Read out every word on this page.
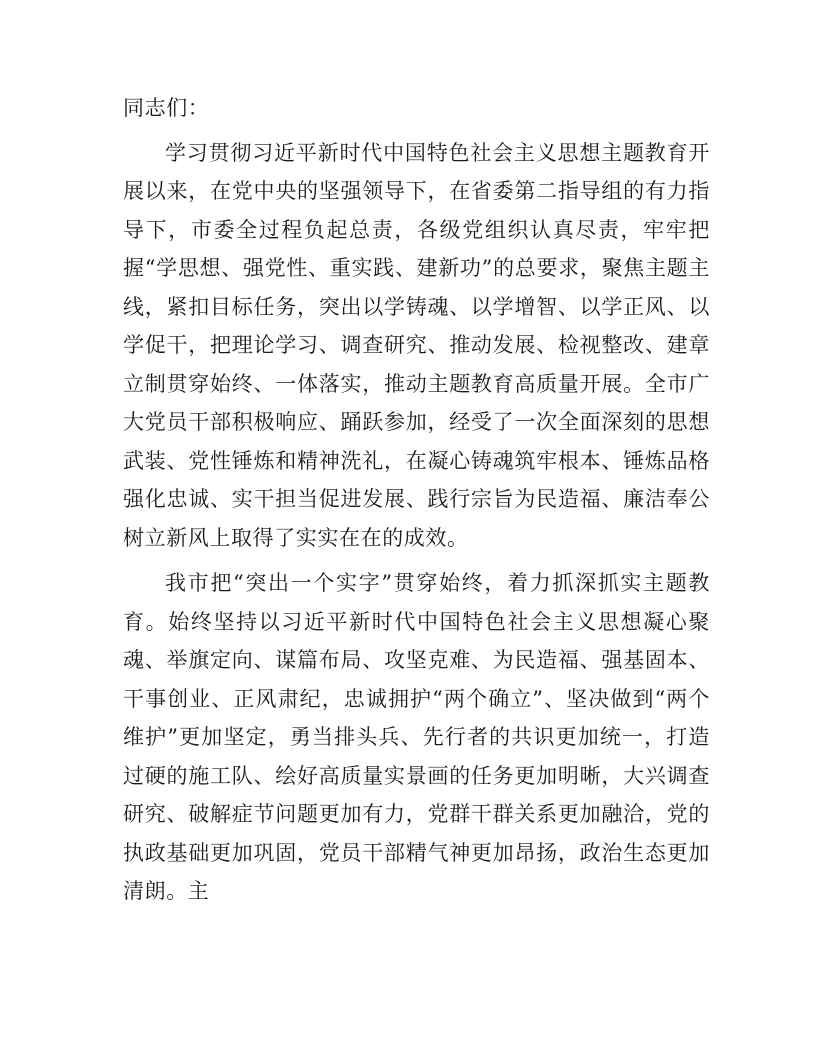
同志们：

学习贯彻习近平新时代中国特色社会主义思想主题教育开展以来，在党中央的坚强领导下，在省委第二指导组的有力指导下，市委全过程负起总责，各级党组织认真尽责，牢牢把握“学思想、强党性、重实践、建新功”的总要求，聚焦主题主线，紧扣目标任务，突出以学铸魂、以学增智、以学正风、以学促干，把理论学习、调查研究、推动发展、检视整改、建章立制贯穿始终、一体落实，推动主题教育高质量开展。全市广大党员干部积极响应、踊跃参加，经受了一次全面深刻的思想武装、党性锤炼和精神洗礼，在凝心铸魂筑牢根本、锤炼品格强化忠诚、实干担当促进发展、践行宗旨为民造福、廉洁奉公树立新风上取得了实实在在的成效。

我市把“突出一个实字”贯穿始终，着力抓深抓实主题教育。始终坚持以习近平新时代中国特色社会主义思想凝心聚魂、举旗定向、谋篇布局、攻坚克难、为民造福、强基固本、干事创业、正风肃纪，忠诚拥护“两个确立”、坚决做到“两个维护”更加坚定，勇当排头兵、先行者的共识更加统一，打造过硬的施工队、绘好高质量实景画的任务更加明晰，大兴调查研究、破解症节问题更加有力，党群干群关系更加融洽，党的执政基础更加巩固，党员干部精气神更加昂扬，政治生态更加清朗。主
